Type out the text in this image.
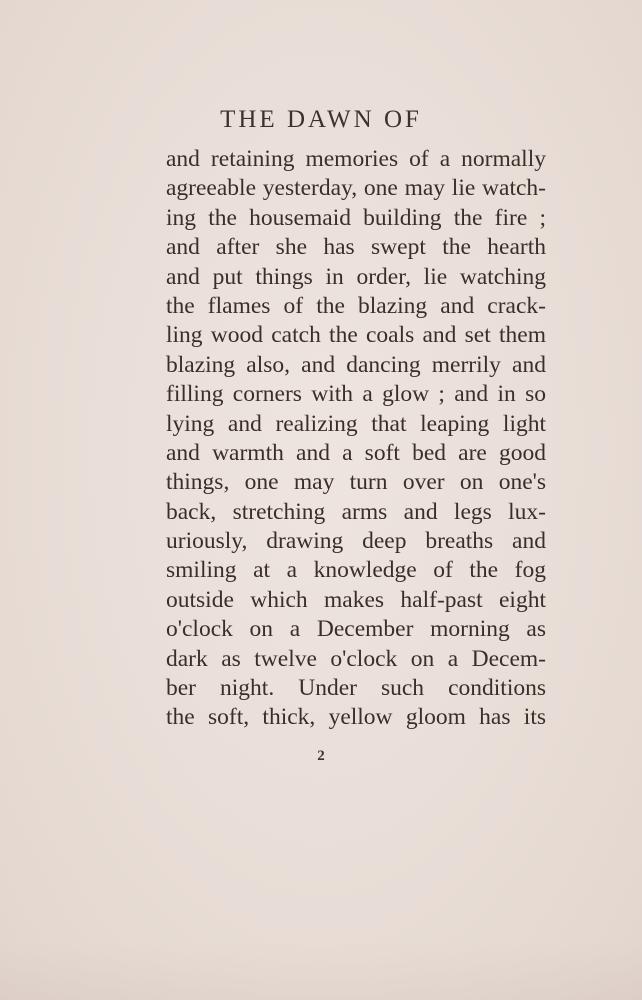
THE DAWN OF
and retaining memories of a normally
agreeable yesterday, one may lie watch-
ing the housemaid building the fire ;
and after she has swept the hearth
and put things in order, lie watching
the flames of the blazing and crack-
ling wood catch the coals and set them
blazing also, and dancing merrily and
filling corners with a glow ; and in so
lying and realizing that leaping light
and warmth and a soft bed are good
things, one may turn over on one's
back, stretching arms and legs lux-
uriously, drawing deep breaths and
smiling at a knowledge of the fog
outside which makes half-past eight
o'clock on a December morning as
dark as twelve o'clock on a Decem-
ber night. Under such conditions
the soft, thick, yellow gloom has its
2
